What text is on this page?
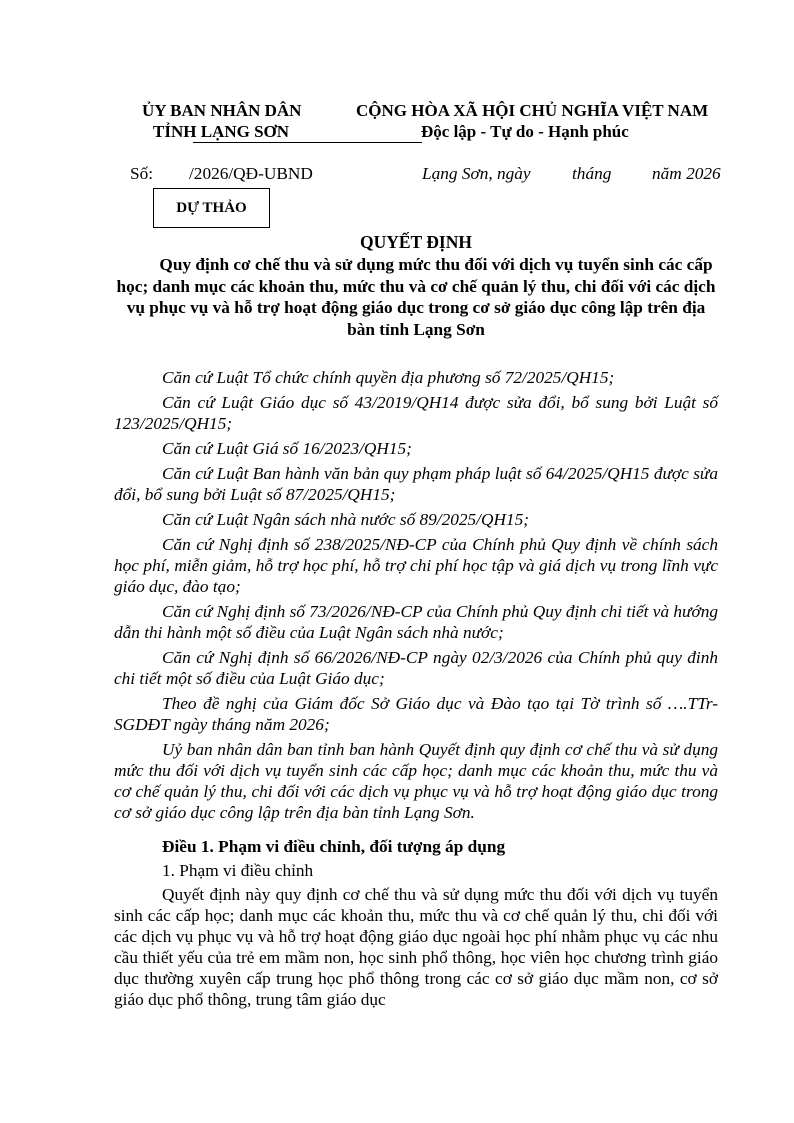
ỦY BAN NHÂN DÂN
TỈNH LẠNG SƠN
CỘNG HÒA XÃ HỘI CHỦ NGHĨA VIỆT NAM
Độc lập - Tự do - Hạnh phúc
Số: /2026/QĐ-UBND	Lạng Sơn, ngày tháng năm 2026
DỰ THẢO
QUYẾT ĐỊNH
Quy định cơ chế thu và sử dụng mức thu đối với dịch vụ tuyển sinh các cấp học; danh mục các khoản thu, mức thu và cơ chế quản lý thu, chi đối với các dịch vụ phục vụ và hỗ trợ hoạt động giáo dục trong cơ sở giáo dục công lập trên địa bàn tỉnh Lạng Sơn

Căn cứ Luật Tổ chức chính quyền địa phương số 72/2025/QH15;

Căn cứ Luật Giáo dục số 43/2019/QH14 được sửa đổi, bổ sung bởi Luật số 123/2025/QH15;

Căn cứ Luật Giá số 16/2023/QH15;

Căn cứ Luật Ban hành văn bản quy phạm pháp luật số 64/2025/QH15 được sửa đổi, bổ sung bởi Luật số 87/2025/QH15;

Căn cứ Luật Ngân sách nhà nước số 89/2025/QH15;

Căn cứ Nghị định số 238/2025/NĐ-CP của Chính phủ Quy định về chính sách học phí, miễn giảm, hỗ trợ học phí, hỗ trợ chi phí học tập và giá dịch vụ trong lĩnh vực giáo dục, đào tạo;

Căn cứ Nghị định số 73/2026/NĐ-CP của Chính phủ Quy định chi tiết và hướng dẫn thi hành một số điều của Luật Ngân sách nhà nước;

Căn cứ Nghị định số 66/2026/NĐ-CP ngày 02/3/2026 của Chính phủ quy đinh chi tiết một số điều của Luật Giáo dục;

Theo đề nghị của Giám đốc Sở Giáo dục và Đào tạo tại Tờ trình số ….TTr-SGDĐT ngày tháng năm 2026;

Uỷ ban nhân dân ban tỉnh ban hành Quyết định quy định cơ chế thu và sử dụng mức thu đối với dịch vụ tuyển sinh các cấp học; danh mục các khoản thu, mức thu và cơ chế quản lý thu, chi đối với các dịch vụ phục vụ và hỗ trợ hoạt động giáo dục trong cơ sở giáo dục công lập trên địa bàn tỉnh Lạng Sơn.

Điều 1. Phạm vi điều chỉnh, đối tượng áp dụng

1. Phạm vi điều chỉnh

Quyết định này quy định cơ chế thu và sử dụng mức thu đối với dịch vụ tuyển sinh các cấp học; danh mục các khoản thu, mức thu và cơ chế quản lý thu, chi đối với các dịch vụ phục vụ và hỗ trợ hoạt động giáo dục ngoài học phí nhằm phục vụ các nhu cầu thiết yếu của trẻ em mầm non, học sinh phổ thông, học viên học chương trình giáo dục thường xuyên cấp trung học phổ thông trong các cơ sở giáo dục mầm non, cơ sở giáo dục phổ thông, trung tâm giáo dục
